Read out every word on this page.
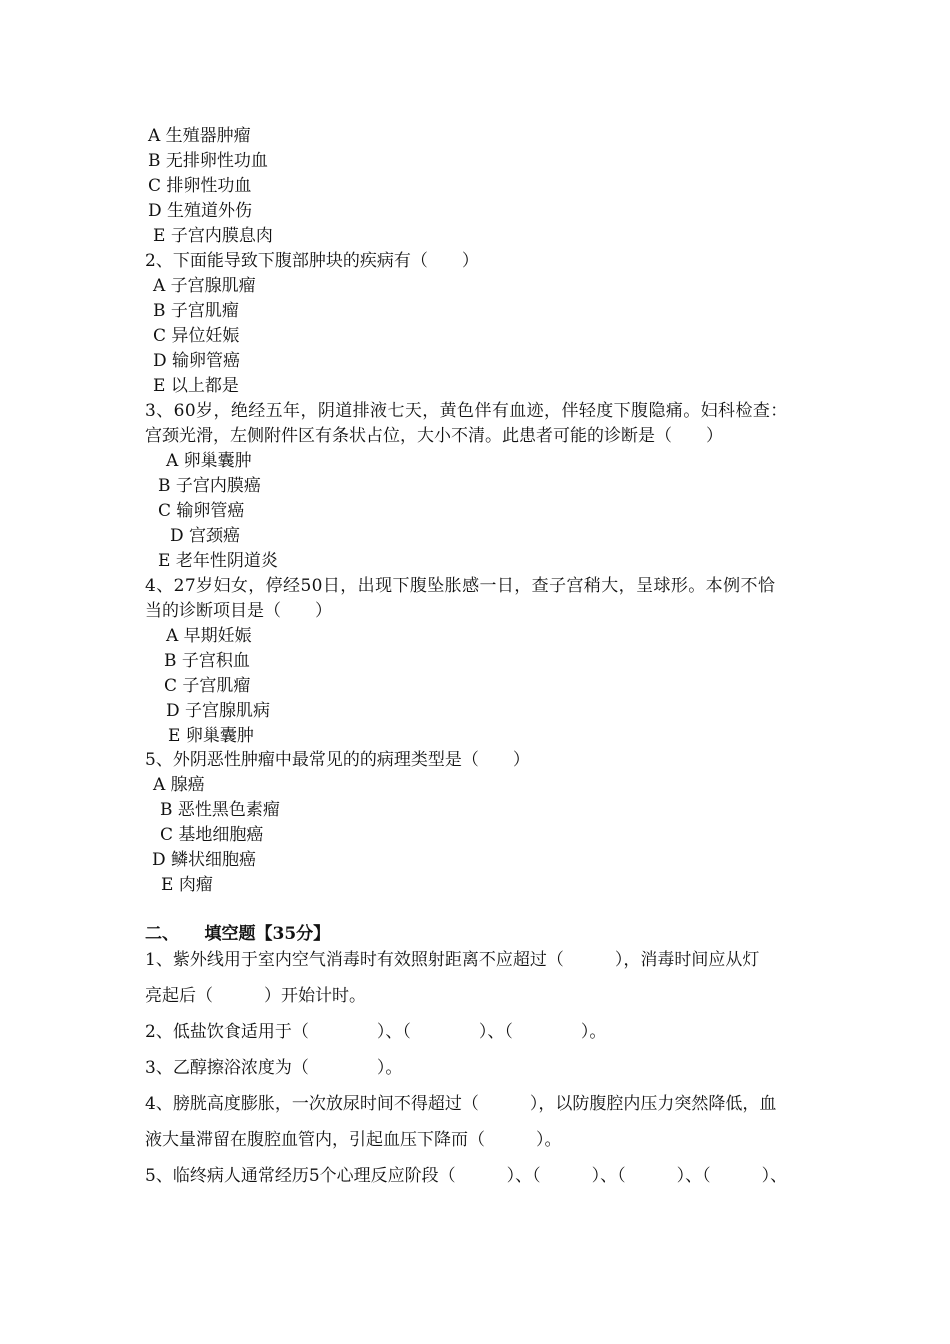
A 生殖器肿瘤
B 无排卵性功血
C 排卵性功血
D 生殖道外伤
E 子宫内膜息肉
2、下面能导致下腹部肿块的疾病有（　　）
A 子宫腺肌瘤
B 子宫肌瘤
C 异位妊娠
D 输卵管癌
E 以上都是
3、60岁，绝经五年，阴道排液七天，黄色伴有血迹，伴轻度下腹隐痛。妇科检查：
宫颈光滑，左侧附件区有条状占位，大小不清。此患者可能的诊断是（　　）
A 卵巢囊肿
B 子宫内膜癌
C 输卵管癌
D 宫颈癌
E 老年性阴道炎
4、27岁妇女，停经50日，出现下腹坠胀感一日，查子宫稍大，呈球形。本例不恰
当的诊断项目是（　　）
A 早期妊娠
B 子宫积血
C 子宫肌瘤
D 子宫腺肌病
E 卵巢囊肿
5、外阴恶性肿瘤中最常见的的病理类型是（　　）
A 腺癌
B 恶性黑色素瘤
C 基地细胞癌
D 鳞状细胞癌
E 肉瘤
二、　　填空题【35分】
1、紫外线用于室内空气消毒时有效照射距离不应超过（　　　），消毒时间应从灯
亮起后（　　　）开始计时。
2、低盐饮食适用于（　　　　）、（　　　　）、（　　　　）。
3、乙醇擦浴浓度为（　　　　）。
4、膀胱高度膨胀，一次放尿时间不得超过（　　　），以防腹腔内压力突然降低，血
液大量滞留在腹腔血管内，引起血压下降而（　　　）。
5、临终病人通常经历5个心理反应阶段（　　　）、（　　　）、（　　　）、（　　　）、
